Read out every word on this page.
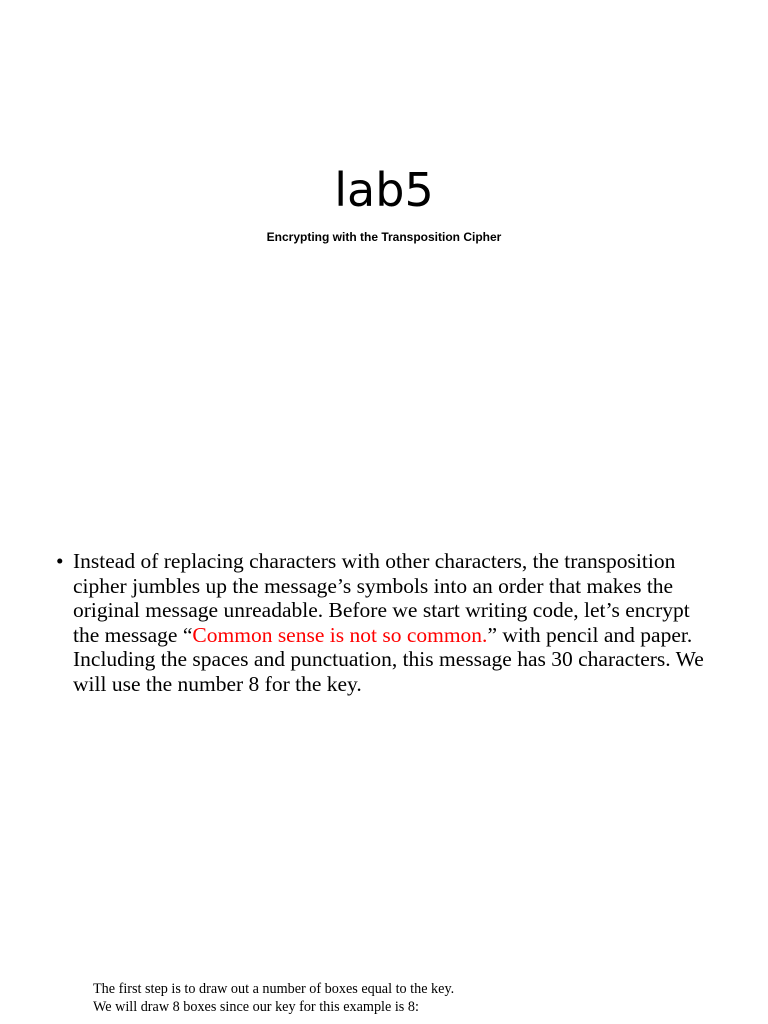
lab5
Encrypting with the Transposition Cipher
• Instead of replacing characters with other characters, the transposition cipher jumbles up the message’s symbols into an order that makes the original message unreadable. Before we start writing code, let’s encrypt the message “Common sense is not so common.” with pencil and paper. Including the spaces and punctuation, this message has 30 characters. We will use the number 8 for the key.
The first step is to draw out a number of boxes equal to the key.
We will draw 8 boxes since our key for this example is 8:
